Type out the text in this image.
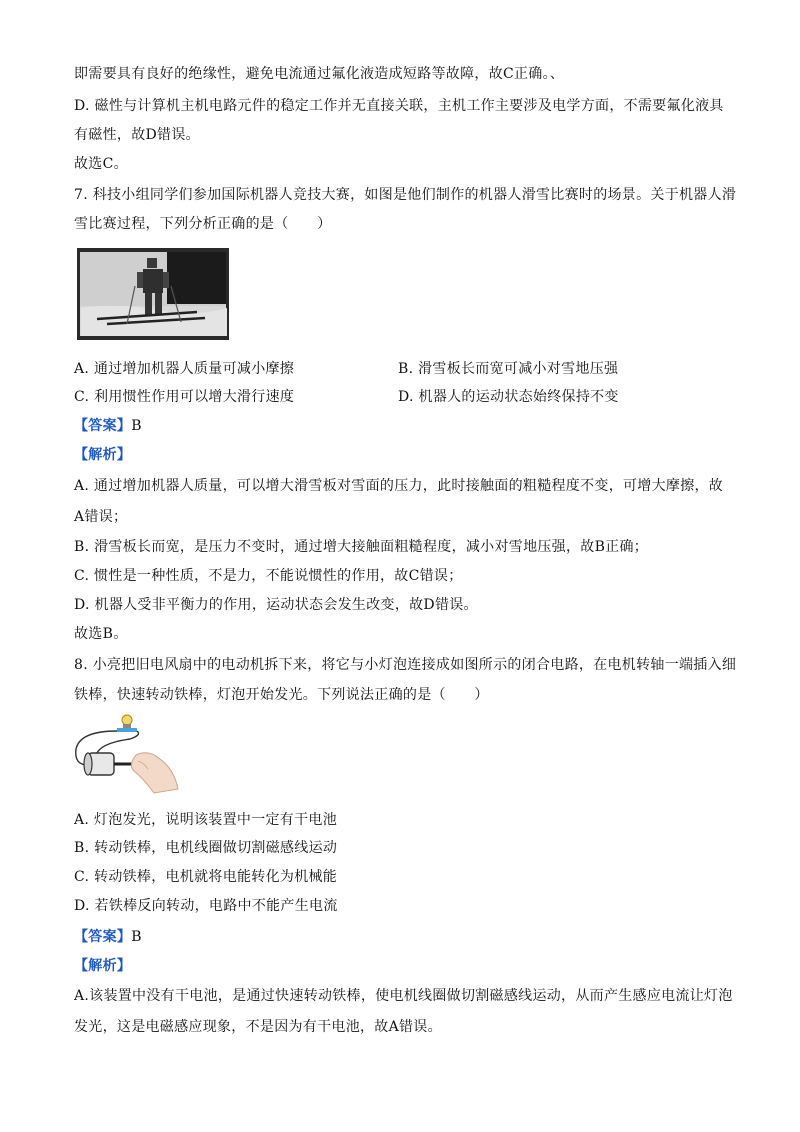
即需要具有良好的绝缘性，避免电流通过氟化液造成短路等故障，故C正确。、
D. 磁性与计算机主机电路元件的稳定工作并无直接关联，主机工作主要涉及电学方面，不需要氟化液具
有磁性，故D错误。
故选C。
7. 科技小组同学们参加国际机器人竞技大赛，如图是他们制作的机器人滑雪比赛时的场景。关于机器人滑
雪比赛过程，下列分析正确的是（　　）
A. 通过增加机器人质量可减小摩擦	B. 滑雪板长而宽可减小对雪地压强
C. 利用惯性作用可以增大滑行速度	D. 机器人的运动状态始终保持不变
【答案】B
【解析】
A. 通过增加机器人质量，可以增大滑雪板对雪面的压力，此时接触面的粗糙程度不变，可增大摩擦，故
A错误；
B. 滑雪板长而宽，是压力不变时，通过增大接触面粗糙程度，减小对雪地压强，故B正确；
C. 惯性是一种性质，不是力，不能说惯性的作用，故C错误；
D. 机器人受非平衡力的作用，运动状态会发生改变，故D错误。
故选B。
8. 小亮把旧电风扇中的电动机拆下来，将它与小灯泡连接成如图所示的闭合电路，在电机转轴一端插入细
铁棒，快速转动铁棒，灯泡开始发光。下列说法正确的是（　　）
A. 灯泡发光，说明该装置中一定有干电池
B. 转动铁棒，电机线圈做切割磁感线运动
C. 转动铁棒，电机就将电能转化为机械能
D. 若铁棒反向转动，电路中不能产生电流
【答案】B
【解析】
A.该装置中没有干电池，是通过快速转动铁棒，使电机线圈做切割磁感线运动，从而产生感应电流让灯泡
发光，这是电磁感应现象，不是因为有干电池，故A错误。
